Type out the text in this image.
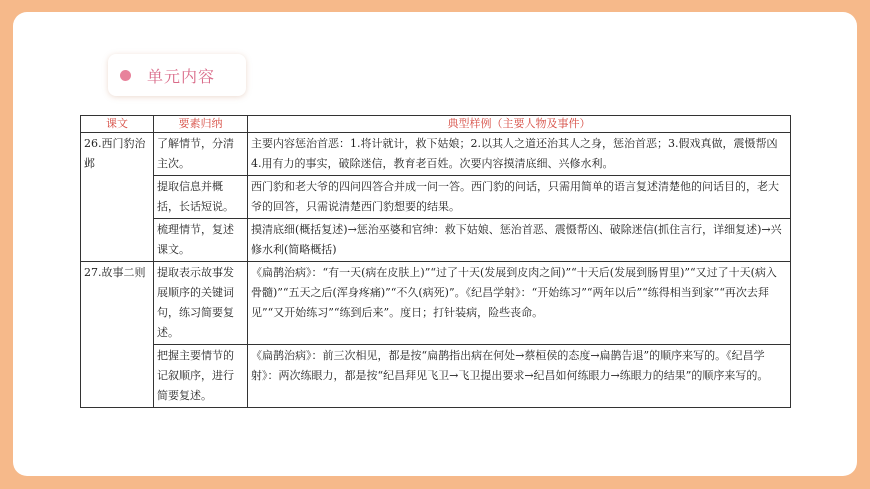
单元内容
课文	要素归纳	典型样例（主要人物及事件）
26.西门豹治邺	了解情节，分清主次。	主要内容惩治首恶：1.将计就计，救下姑娘；2.以其人之道还治其人之身，惩治首恶；3.假戏真做，震慑帮凶4.用有力的事实，破除迷信，教育老百姓。次要内容摸清底细、兴修水利。
	提取信息并概括，长话短说。	西门豹和老大爷的四问四答合并成一问一答。西门豹的问话，只需用简单的语言复述清楚他的问话目的，老大爷的回答，只需说清楚西门豹想要的结果。
	梳理情节，复述课文。	摸清底细(概括复述)→惩治巫婆和官绅：救下姑娘、惩治首恶、震慑帮凶、破除迷信(抓住言行，详细复述)→兴修水利(简略概括)
27.故事二则	提取表示故事发展顺序的关键词句，练习简要复述。	《扁鹊治病》：“有一天(病在皮肤上)”“过了十天(发展到皮肉之间)”“十天后(发展到肠胃里)”“又过了十天(病入骨髓)”“五天之后(浑身疼痛)”“不久(病死)”。《纪昌学射》：“开始练习”“两年以后”“练得相当到家”“再次去拜见”“又开始练习”“练到后来”。度日；打针装病，险些丧命。
	把握主要情节的记叙顺序，进行简要复述。	《扁鹊治病》：前三次相见，都是按“扁鹊指出病在何处→蔡桓侯的态度→扁鹊告退”的顺序来写的。《纪昌学射》：两次练眼力，都是按“纪昌拜见飞卫→飞卫提出要求→纪昌如何练眼力→练眼力的结果”的顺序来写的。
